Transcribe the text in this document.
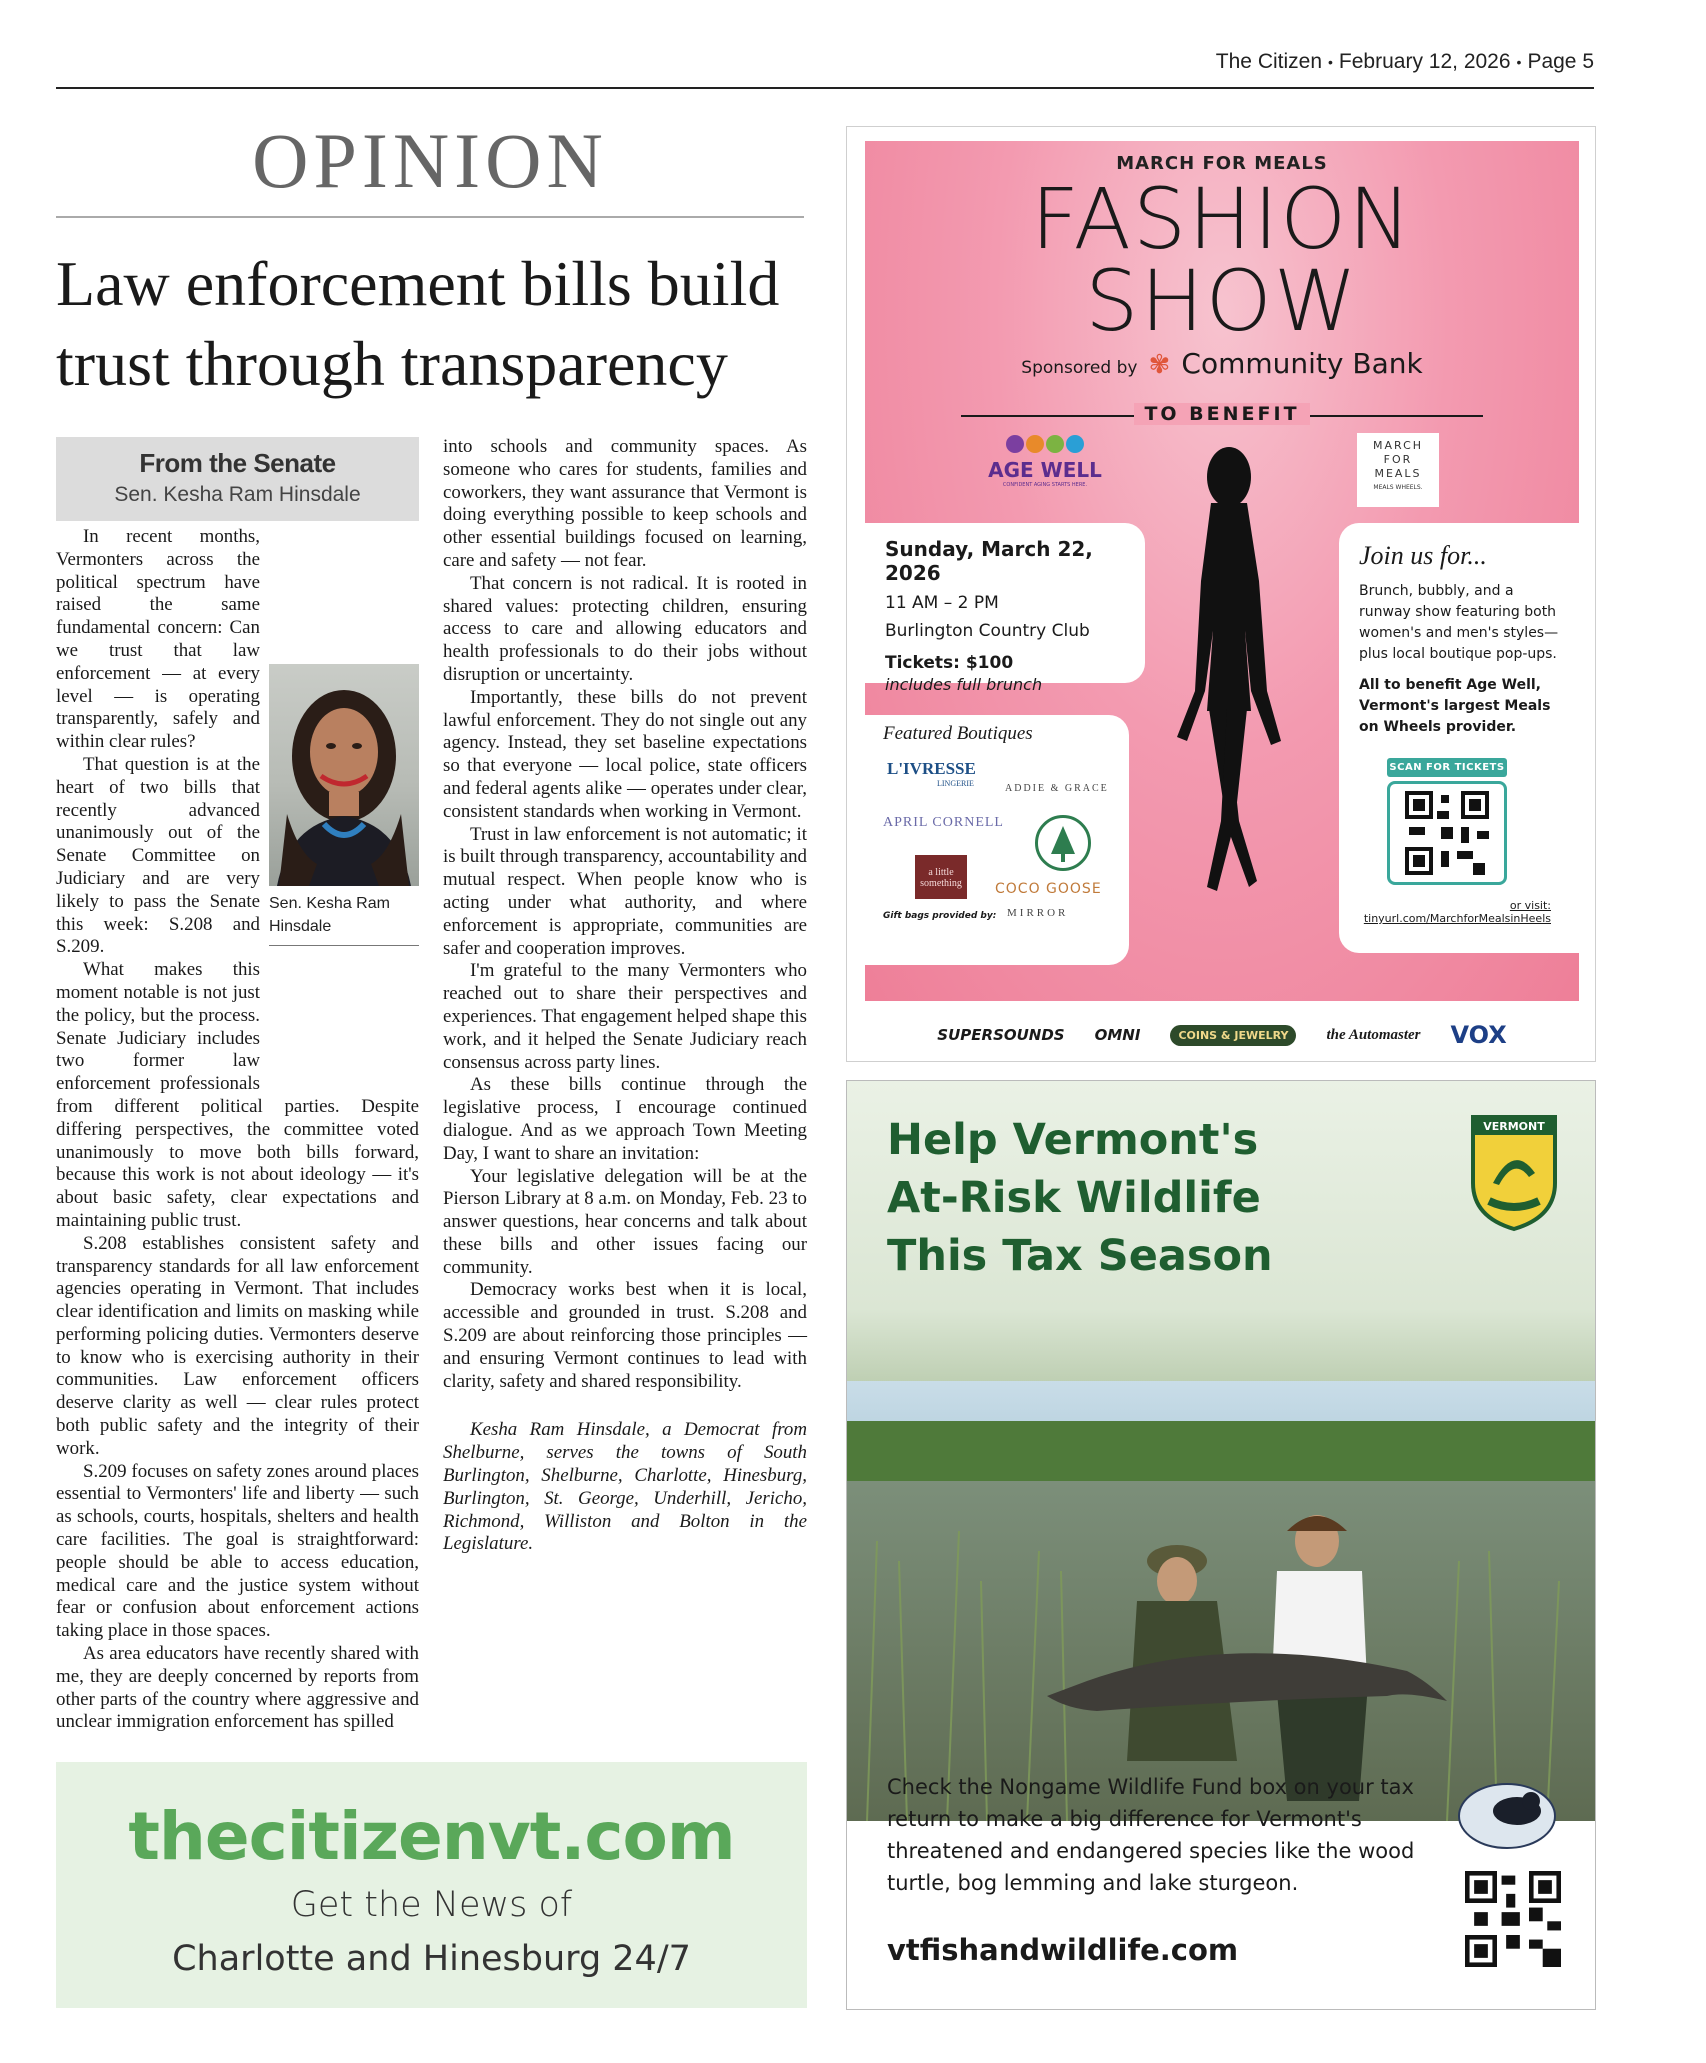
The Citizen • February 12, 2026 • Page 5
OPINION
Law enforcement bills build trust through transparency
From the Senate
Sen. Kesha Ram Hinsdale
Sen. Kesha Ram Hinsdale

In recent months, Vermonters across the political spectrum have raised the same fundamental concern: Can we trust that law enforcement — at every level — is operating transparently, safely and within clear rules?

That question is at the heart of two bills that recently advanced unanimously out of the Senate Committee on Judiciary and are very likely to pass the Senate this week: S.208 and S.209.

What makes this moment notable is not just the policy, but the process. Senate Judiciary includes two former law enforcement professionals from different political parties. Despite differing perspectives, the committee voted unanimously to move both bills forward, because this work is not about ideology — it's about basic safety, clear expectations and maintaining public trust.

S.208 establishes consistent safety and transparency standards for all law enforcement agencies operating in Vermont. That includes clear identification and limits on masking while performing policing duties. Vermonters deserve to know who is exercising authority in their communities. Law enforcement officers deserve clarity as well — clear rules protect both public safety and the integrity of their work.

S.209 focuses on safety zones around places essential to Vermonters' life and liberty — such as schools, courts, hospitals, shelters and health care facilities. The goal is straightforward: people should be able to access education, medical care and the justice system without fear or confusion about enforcement actions taking place in those spaces.

As area educators have recently shared with me, they are deeply concerned by reports from other parts of the country where aggressive and unclear immigration enforcement has spilled

into schools and community spaces. As someone who cares for students, families and coworkers, they want assurance that Vermont is doing everything possible to keep schools and other essential buildings focused on learning, care and safety — not fear.

That concern is not radical. It is rooted in shared values: protecting children, ensuring access to care and allowing educators and health professionals to do their jobs without disruption or uncertainty.

Importantly, these bills do not prevent lawful enforcement. They do not single out any agency. Instead, they set baseline expectations so that everyone — local police, state officers and federal agents alike — operates under clear, consistent standards when working in Vermont.

Trust in law enforcement is not automatic; it is built through transparency, accountability and mutual respect. When people know who is acting under what authority, and where enforcement is appropriate, communities are safer and cooperation improves.

I'm grateful to the many Vermonters who reached out to share their perspectives and experiences. That engagement helped shape this work, and it helped the Senate Judiciary reach consensus across party lines.

As these bills continue through the legislative process, I encourage continued dialogue. And as we approach Town Meeting Day, I want to share an invitation:

Your legislative delegation will be at the Pierson Library at 8 a.m. on Monday, Feb. 23 to answer questions, hear concerns and talk about these bills and other issues facing our community.

Democracy works best when it is local, accessible and grounded in trust. S.208 and S.209 are about reinforcing those principles — and ensuring Vermont continues to lead with clarity, safety and shared responsibility.

Kesha Ram Hinsdale, a Democrat from Shelburne, serves the towns of South Burlington, Shelburne, Charlotte, Hinesburg, Burlington, St. George, Underhill, Jericho, Richmond, Williston and Bolton in the Legislature.

thecitizenvt.com
Get the News of
Charlotte and Hinesburg 24/7
MARCH FOR MEALS
FASHION
SHOW
Sponsored by ✾ Community Bank
TO BENEFIT
AGE WELL
CONFIDENT AGING STARTS HERE.
MARCH
FOR
MEALS
MEALS WHEELS.
Sunday, March 22, 2026
11 AM – 2 PM
Burlington Country Club
Tickets: $100
includes full brunch
Join us for...
Brunch, bubbly, and a runway show featuring both women's and men's styles—plus local boutique pop-ups.
All to benefit Age Well, Vermont's largest Meals on Wheels provider.
SCAN FOR TICKETS
or visit:
tinyurl.com/MarchforMealsinHeels
Featured Boutiques
L'IVRESSE
LINGERIE	ADDIE & GRACE
APRIL CORNELL
a little something	COCO GOOSE
Gift bags provided by: MIRROR
SUPERSOUNDS OMNI	COINS & JEWELRY	the Automaster VOX
Help Vermont's
At-Risk Wildlife
This Tax Season
VERMONT
Check the Nongame Wildlife Fund box on your tax return to make a big difference for Vermont's threatened and endangered species like the wood turtle, bog lemming and lake sturgeon.
vtfishandwildlife.com
